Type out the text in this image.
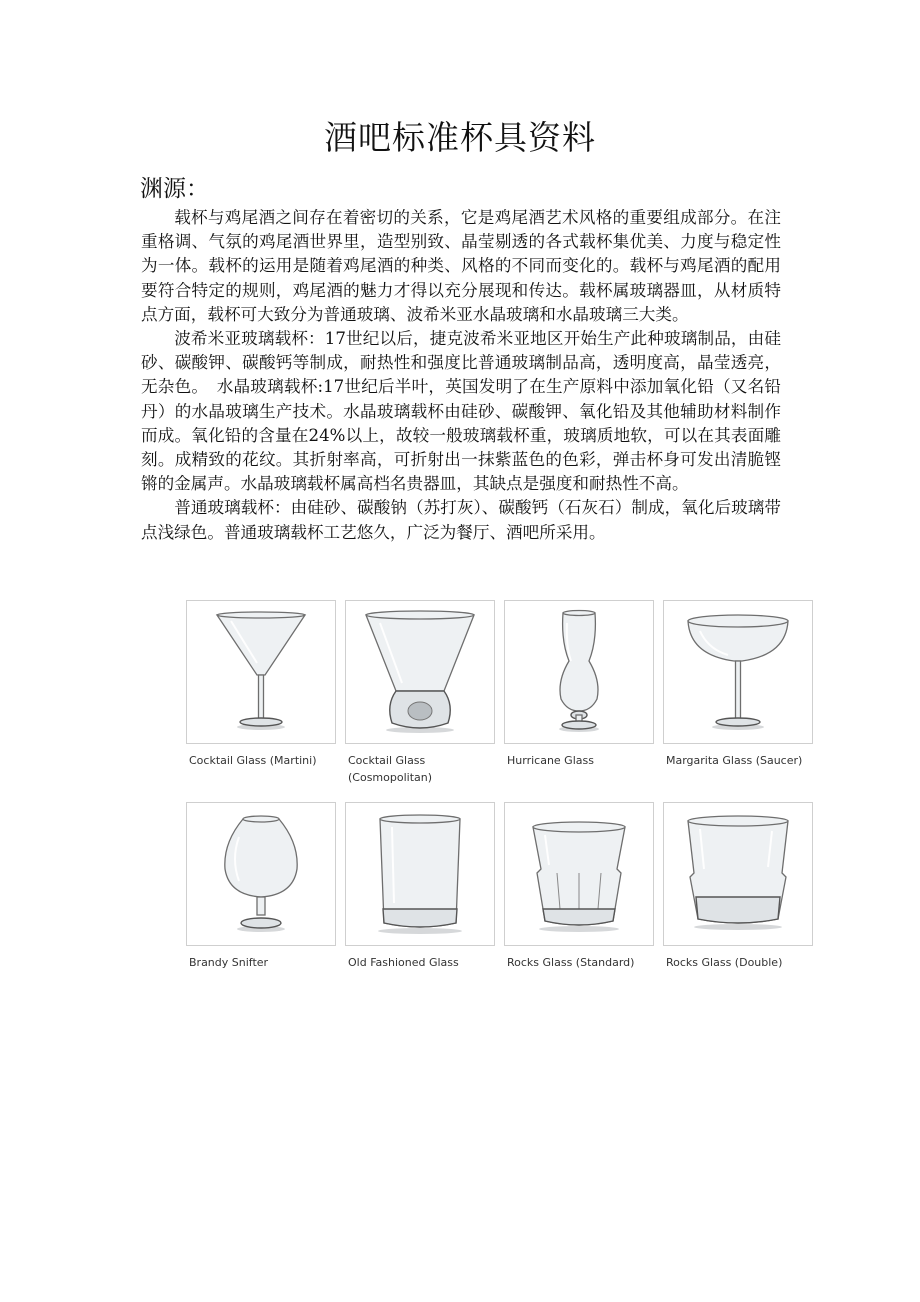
酒吧标准杯具资料
渊源：

载杯与鸡尾酒之间存在着密切的关系，它是鸡尾酒艺术风格的重要组成部分。在注重格调、气氛的鸡尾酒世界里，造型别致、晶莹剔透的各式载杯集优美、力度与稳定性为一体。载杯的运用是随着鸡尾酒的种类、风格的不同而变化的。载杯与鸡尾酒的配用要符合特定的规则，鸡尾酒的魅力才得以充分展现和传达。载杯属玻璃器皿，从材质特点方面，载杯可大致分为普通玻璃、波希米亚水晶玻璃和水晶玻璃三大类。

波希米亚玻璃载杯：17世纪以后，捷克波希米亚地区开始生产此种玻璃制品，由硅砂、碳酸钾、碳酸钙等制成，耐热性和强度比普通玻璃制品高，透明度高，晶莹透亮，无杂色。　水晶玻璃载杯:17世纪后半叶，英国发明了在生产原料中添加氧化铅（又名铅丹）的水晶玻璃生产技术。水晶玻璃载杯由硅砂、碳酸钾、氧化铅及其他辅助材料制作而成。氧化铅的含量在24%以上，故较一般玻璃载杯重，玻璃质地软，可以在其表面雕刻。成精致的花纹。其折射率高，可折射出一抹紫蓝色的色彩，弹击杯身可发出清脆铿锵的金属声。水晶玻璃载杯属高档名贵器皿，其缺点是强度和耐热性不高。

普通玻璃载杯：由硅砂、碳酸钠（苏打灰）、碳酸钙（石灰石）制成，氧化后玻璃带点浅绿色。普通玻璃载杯工艺悠久，广泛为餐厅、酒吧所采用。

Cocktail Glass (Martini)	Cocktail Glass (Cosmopolitan)
Hurricane Glass	Margarita Glass (Saucer)
Brandy Snifter	Old Fashioned Glass	Rocks Glass (Standard)	Rocks Glass (Double)
